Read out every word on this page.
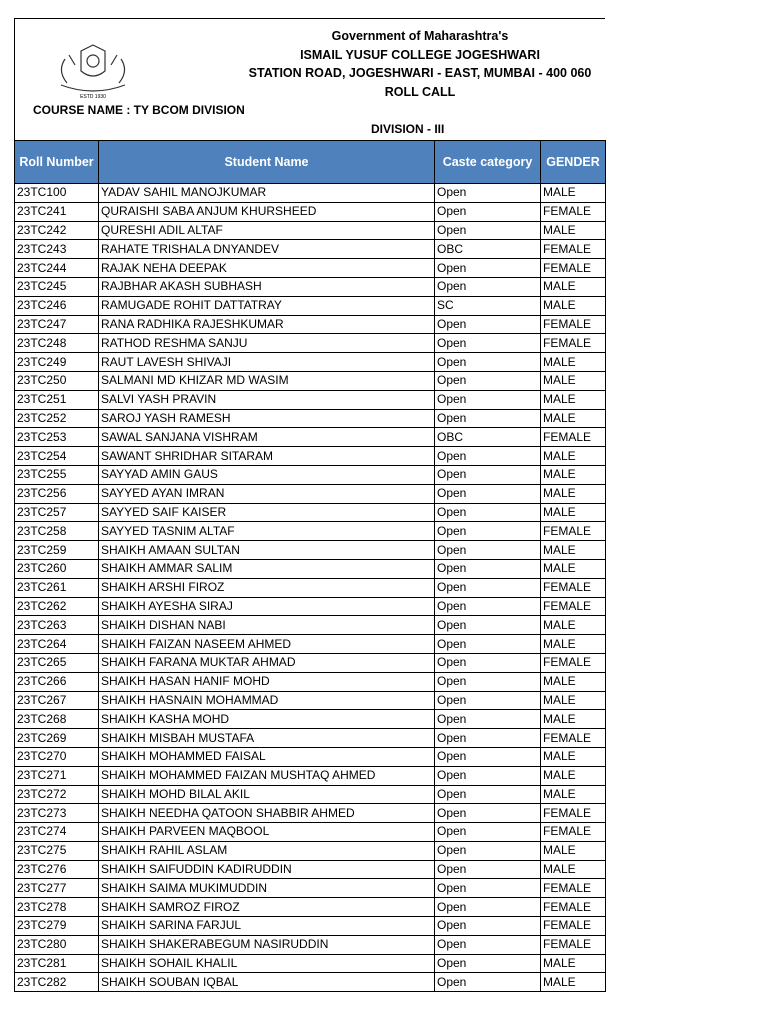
ESTD 1930
Government of Maharashtra's
ISMAIL YUSUF COLLEGE JOGESHWARI
STATION ROAD, JOGESHWARI - EAST, MUMBAI - 400 060
ROLL CALL
COURSE NAME : TY BCOM DIVISION
DIVISION - III
Roll Number	Student Name	Caste category	GENDER
23TC100	YADAV SAHIL MANOJKUMAR	Open	MALE
23TC241	QURAISHI SABA ANJUM KHURSHEED	Open	FEMALE
23TC242	QURESHI ADIL ALTAF	Open	MALE
23TC243	RAHATE TRISHALA DNYANDEV	OBC	FEMALE
23TC244	RAJAK NEHA DEEPAK	Open	FEMALE
23TC245	RAJBHAR AKASH SUBHASH	Open	MALE
23TC246	RAMUGADE ROHIT DATTATRAY	SC	MALE
23TC247	RANA RADHIKA RAJESHKUMAR	Open	FEMALE
23TC248	RATHOD RESHMA SANJU	Open	FEMALE
23TC249	RAUT LAVESH SHIVAJI	Open	MALE
23TC250	SALMANI MD KHIZAR MD WASIM	Open	MALE
23TC251	SALVI YASH PRAVIN	Open	MALE
23TC252	SAROJ YASH RAMESH	Open	MALE
23TC253	SAWAL SANJANA VISHRAM	OBC	FEMALE
23TC254	SAWANT SHRIDHAR SITARAM	Open	MALE
23TC255	SAYYAD AMIN GAUS	Open	MALE
23TC256	SAYYED AYAN IMRAN	Open	MALE
23TC257	SAYYED SAIF KAISER	Open	MALE
23TC258	SAYYED TASNIM ALTAF	Open	FEMALE
23TC259	SHAIKH AMAAN SULTAN	Open	MALE
23TC260	SHAIKH AMMAR SALIM	Open	MALE
23TC261	SHAIKH ARSHI FIROZ	Open	FEMALE
23TC262	SHAIKH AYESHA SIRAJ	Open	FEMALE
23TC263	SHAIKH DISHAN NABI	Open	MALE
23TC264	SHAIKH FAIZAN NASEEM AHMED	Open	MALE
23TC265	SHAIKH FARANA MUKTAR AHMAD	Open	FEMALE
23TC266	SHAIKH HASAN HANIF MOHD	Open	MALE
23TC267	SHAIKH HASNAIN MOHAMMAD	Open	MALE
23TC268	SHAIKH KASHA MOHD	Open	MALE
23TC269	SHAIKH MISBAH MUSTAFA	Open	FEMALE
23TC270	SHAIKH MOHAMMED FAISAL	Open	MALE
23TC271	SHAIKH MOHAMMED FAIZAN MUSHTAQ AHMED	Open	MALE
23TC272	SHAIKH MOHD BILAL AKIL	Open	MALE
23TC273	SHAIKH NEEDHA QATOON SHABBIR AHMED	Open	FEMALE
23TC274	SHAIKH PARVEEN MAQBOOL	Open	FEMALE
23TC275	SHAIKH RAHIL ASLAM	Open	MALE
23TC276	SHAIKH SAIFUDDIN KADIRUDDIN	Open	MALE
23TC277	SHAIKH SAIMA MUKIMUDDIN	Open	FEMALE
23TC278	SHAIKH SAMROZ FIROZ	Open	FEMALE
23TC279	SHAIKH SARINA FARJUL	Open	FEMALE
23TC280	SHAIKH SHAKERABEGUM NASIRUDDIN	Open	FEMALE
23TC281	SHAIKH SOHAIL KHALIL	Open	MALE
23TC282	SHAIKH SOUBAN IQBAL	Open	MALE
